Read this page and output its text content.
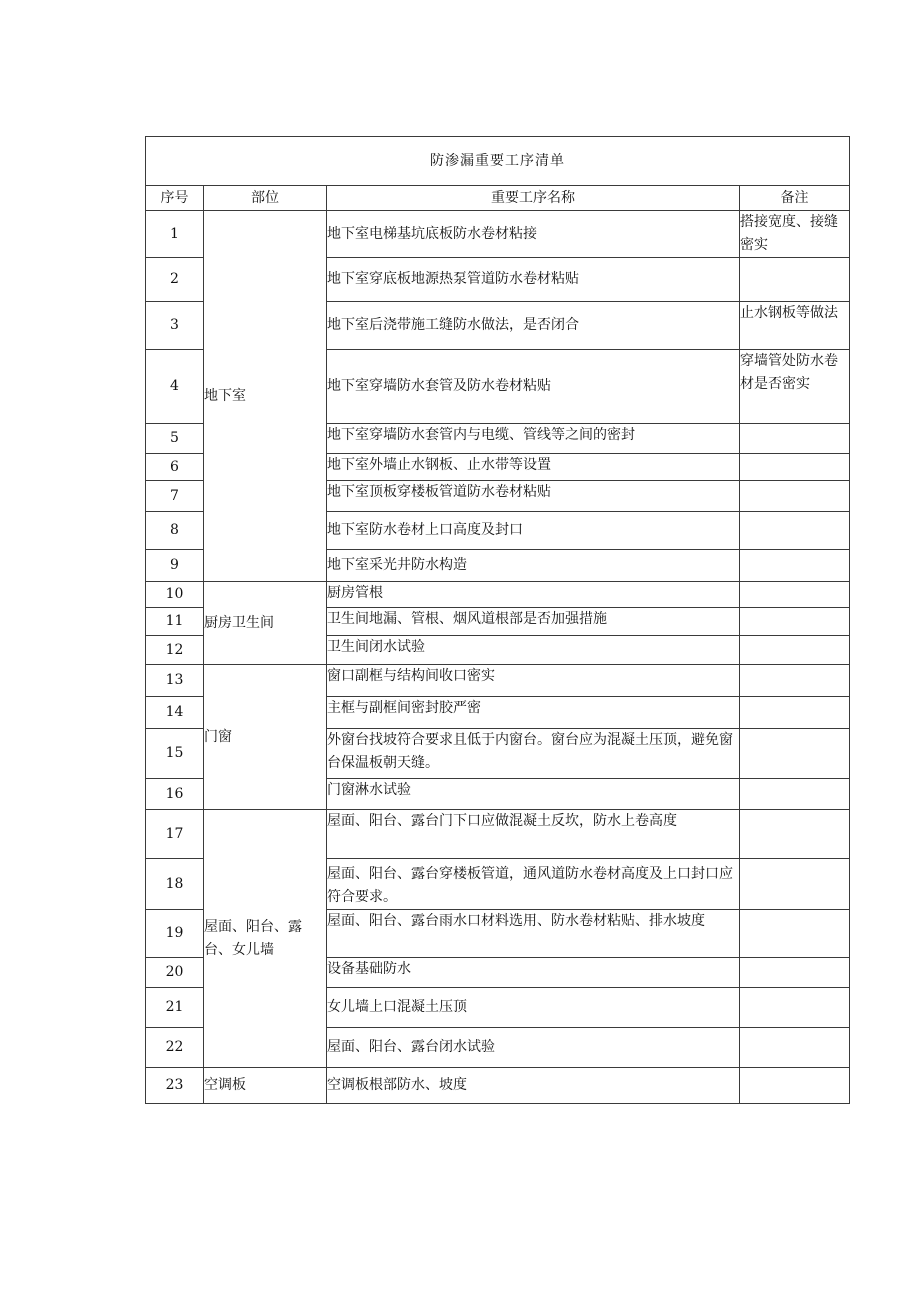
防渗漏重要工序清单			
序号	部位	重要工序名称	备注
1	地下室	地下室电梯基坑底板防水卷材粘接	搭接宽度、接缝密实
2		地下室穿底板地源热泵管道防水卷材粘贴	
3		地下室后浇带施工缝防水做法，是否闭合	止水钢板等做法
4		地下室穿墙防水套管及防水卷材粘贴	穿墙管处防水卷材是否密实
5		地下室穿墙防水套管内与电缆、管线等之间的密封	
6		地下室外墙止水钢板、止水带等设置	
7		地下室顶板穿楼板管道防水卷材粘贴	
8		地下室防水卷材上口高度及封口	
9		地下室采光井防水构造	
10	厨房卫生间	厨房管根	
11		卫生间地漏、管根、烟风道根部是否加强措施	
12		卫生间闭水试验	
13	门窗	窗口副框与结构间收口密实	
14		主框与副框间密封胶严密	
15		外窗台找坡符合要求且低于内窗台。窗台应为混凝土压顶，避免窗台保温板朝天缝。	
16		门窗淋水试验	
17	屋面、阳台、露台、女儿墙	屋面、阳台、露台门下口应做混凝土反坎，防水上卷高度	
18		屋面、阳台、露台穿楼板管道，通风道防水卷材高度及上口封口应符合要求。	
19		屋面、阳台、露台雨水口材料选用、防水卷材粘贴、排水坡度	
20		设备基础防水	
21		女儿墙上口混凝土压顶	
22		屋面、阳台、露台闭水试验	
23	空调板	空调板根部防水、坡度	
